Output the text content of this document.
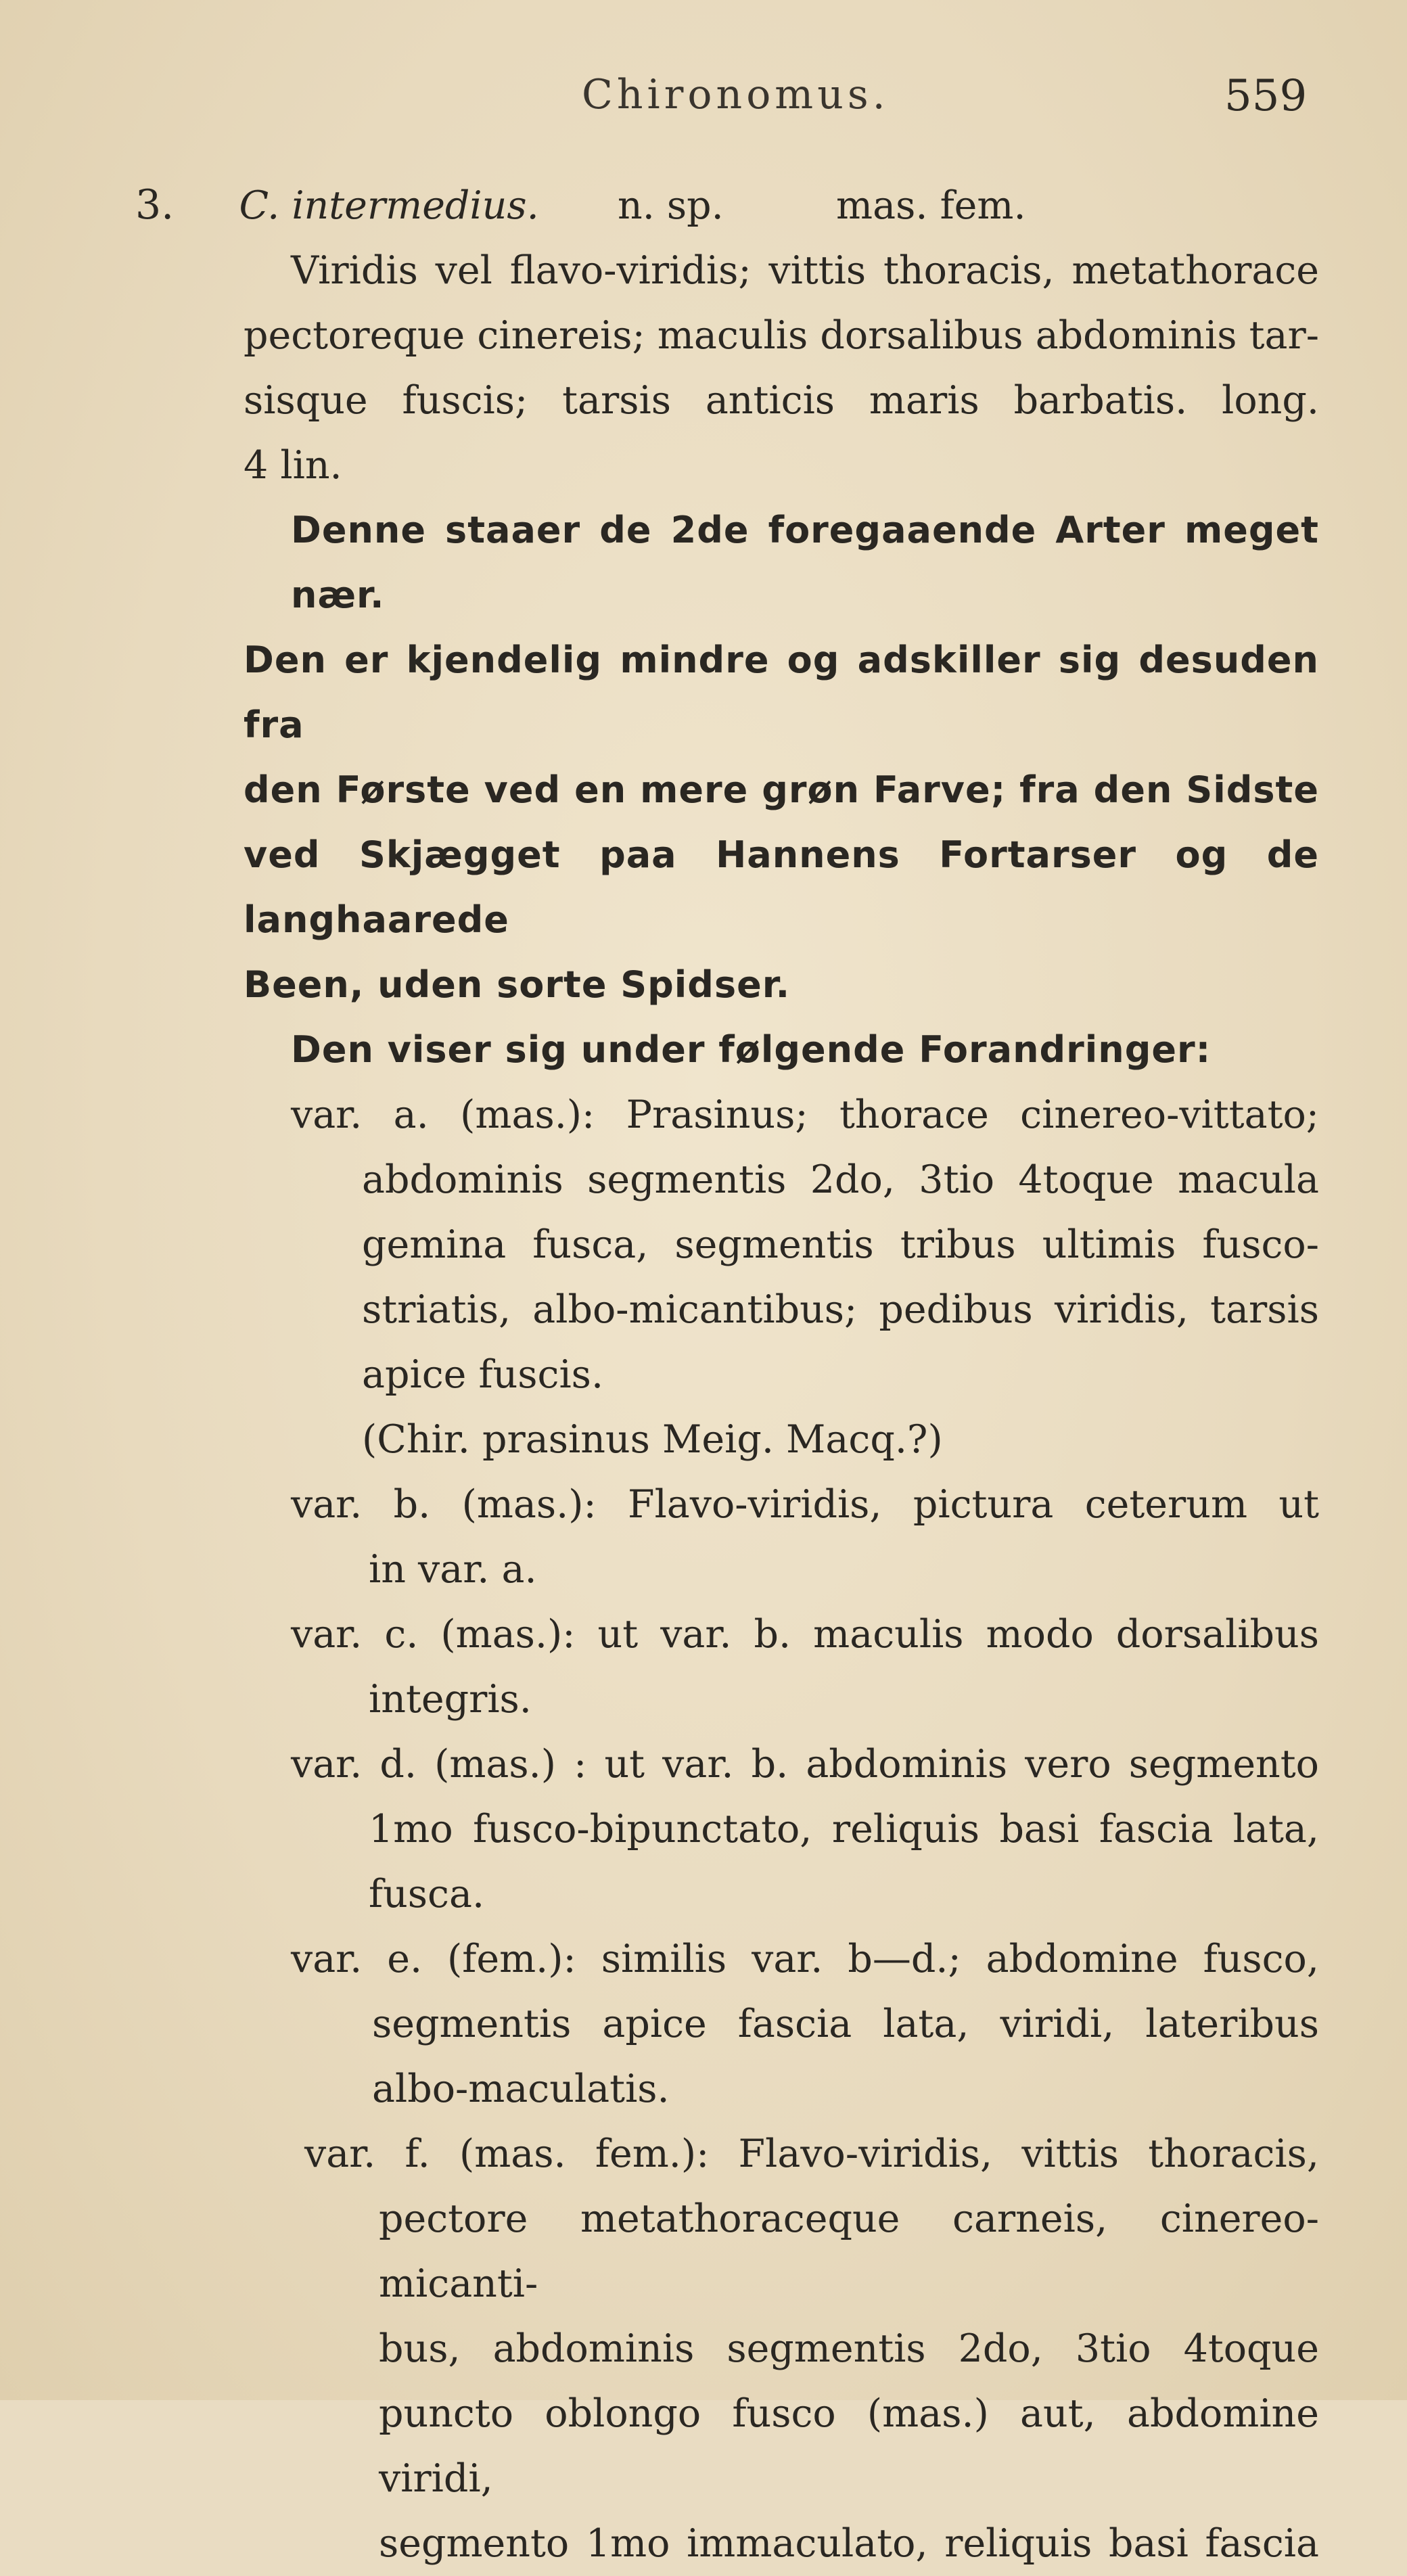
Chironomus.	559
3. C. intermedius. n. sp.	mas. fem.
Viridis vel flavo-viridis; vittis thoracis, metathorace
pectoreque cinereis; maculis dorsalibus abdominis tar-
sisque fuscis; tarsis anticis maris barbatis. long.
4 lin.
Denne staaer de 2de foregaaende Arter meget nær.
Den er kjendelig mindre og adskiller sig desuden fra
den Første ved en mere grøn Farve; fra den Sidste
ved Skjægget paa Hannens Fortarser og de langhaarede
Been, uden sorte Spidser.
Den viser sig under følgende Forandringer:
var. a. (mas.): Prasinus; thorace cinereo-vittato;
abdominis segmentis 2do, 3tio 4toque macula
gemina fusca, segmentis tribus ultimis fusco-
striatis, albo-micantibus; pedibus viridis, tarsis
apice fuscis.
(Chir. prasinus Meig. Macq.?)
var. b. (mas.): Flavo-viridis, pictura ceterum ut
in var. a.
var. c. (mas.): ut var. b. maculis modo dorsalibus
integris.
var. d. (mas.) : ut var. b. abdominis vero segmento
1mo fusco-bipunctato, reliquis basi fascia lata,
fusca.
var. e. (fem.): similis var. b—d.; abdomine fusco,
segmentis apice fascia lata, viridi, lateribus
albo-maculatis.
var. f. (mas. fem.): Flavo-viridis, vittis thoracis,
pectore metathoraceque carneis, cinereo-micanti-
bus, abdominis segmentis 2do, 3tio 4toque
puncto oblongo fusco (mas.) aut, abdomine viridi,
segmento 1mo immaculato, reliquis basi fascia
